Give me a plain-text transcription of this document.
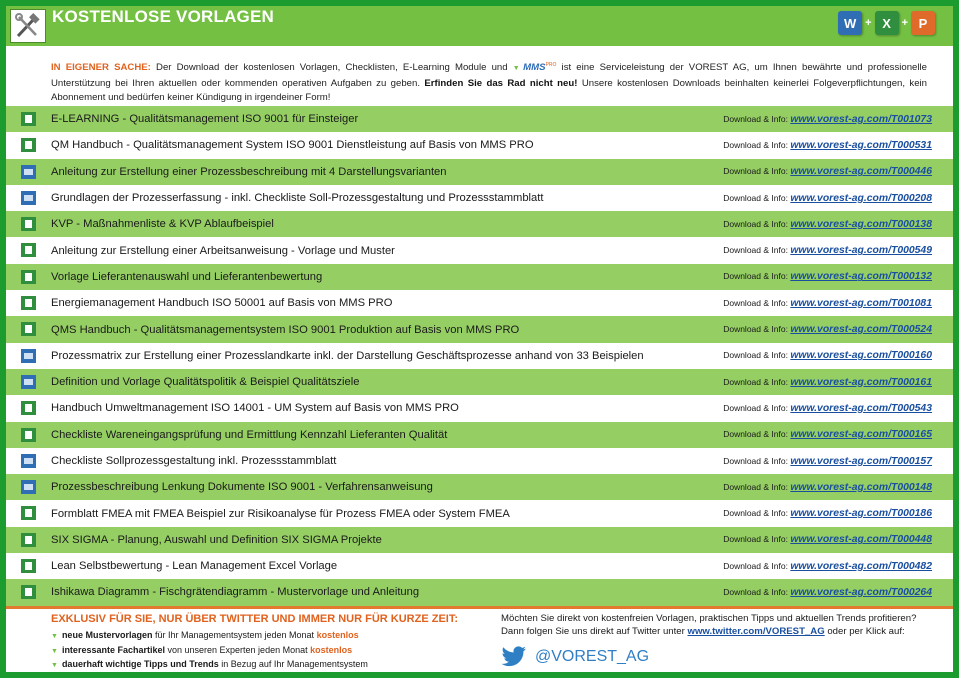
KOSTENLOSE VORLAGEN	W + X + P
IN EIGENER SACHE: Der Download der kostenlosen Vorlagen, Checklisten, E-Learning Module und ▼ $MMS^{PRO}$ ist eine Serviceleistung der VOREST AG, um Ihnen bewährte und professionelle Unterstützung bei Ihren aktuellen oder kommenden operativen Aufgaben zu geben. Erfinden Sie das Rad nicht neu! Unsere kostenlosen Downloads beinhalten keinerlei Folgeverpflichtungen, kein Abonnement und bedürfen keiner Kündigung in irgendeiner Form!
E-LEARNING - Qualitätsmanagement ISO 9001 für Einsteiger	Download & Info: www.vorest-ag.com/T001073
QM Handbuch - Qualitätsmanagement System ISO 9001 Dienstleistung auf Basis von MMS PRO	Download & Info: www.vorest-ag.com/T000531
Anleitung zur Erstellung einer Prozessbeschreibung mit 4 Darstellungsvarianten	Download & Info: www.vorest-ag.com/T000446
Grundlagen der Prozesserfassung - inkl. Checkliste Soll-Prozessgestaltung und Prozessstammblatt	Download & Info: www.vorest-ag.com/T000208
KVP - Maßnahmenliste & KVP Ablaufbeispiel	Download & Info: www.vorest-ag.com/T000138
Anleitung zur Erstellung einer Arbeitsanweisung - Vorlage und Muster	Download & Info: www.vorest-ag.com/T000549
Vorlage Lieferantenauswahl und Lieferantenbewertung	Download & Info: www.vorest-ag.com/T000132
Energiemanagement Handbuch ISO 50001 auf Basis von MMS PRO	Download & Info: www.vorest-ag.com/T001081
QMS Handbuch - Qualitätsmanagementsystem ISO 9001 Produktion auf Basis von MMS PRO	Download & Info: www.vorest-ag.com/T000524
Prozessmatrix zur Erstellung einer Prozesslandkarte inkl. der Darstellung Geschäftsprozesse anhand von 33 Beispielen	Download & Info: www.vorest-ag.com/T000160
Definition und Vorlage Qualitätspolitik & Beispiel Qualitätsziele	Download & Info: www.vorest-ag.com/T000161
Handbuch Umweltmanagement ISO 14001 - UM System auf Basis von MMS PRO	Download & Info: www.vorest-ag.com/T000543
Checkliste Wareneingangsprüfung und Ermittlung Kennzahl Lieferanten Qualität	Download & Info: www.vorest-ag.com/T000165
Checkliste Sollprozessgestaltung inkl. Prozessstammblatt	Download & Info: www.vorest-ag.com/T000157
Prozessbeschreibung Lenkung Dokumente ISO 9001 - Verfahrensanweisung	Download & Info: www.vorest-ag.com/T000148
Formblatt FMEA mit FMEA Beispiel zur Risikoanalyse für Prozess FMEA oder System FMEA	Download & Info: www.vorest-ag.com/T000186
SIX SIGMA - Planung, Auswahl und Definition SIX SIGMA Projekte	Download & Info: www.vorest-ag.com/T000448
Lean Selbstbewertung - Lean Management Excel Vorlage	Download & Info: www.vorest-ag.com/T000482
Ishikawa Diagramm - Fischgrätendiagramm - Mustervorlage und Anleitung	Download & Info: www.vorest-ag.com/T000264
EXKLUSIV FÜR SIE, NUR ÜBER TWITTER UND IMMER NUR FÜR KURZE ZEIT:
▼ neue Mustervorlagen für Ihr Managementsystem jeden Monat kostenlos
▼ interessante Fachartikel von unseren Experten jeden Monat kostenlos
▼ dauerhaft wichtige Tipps und Trends in Bezug auf Ihr Managementsystem
Möchten Sie direkt von kostenfreien Vorlagen, praktischen Tipps und aktuellen Trends profitieren? Dann folgen Sie uns direkt auf Twitter unter www.twitter.com/VOREST_AG oder per Klick auf:
@VOREST_AG
